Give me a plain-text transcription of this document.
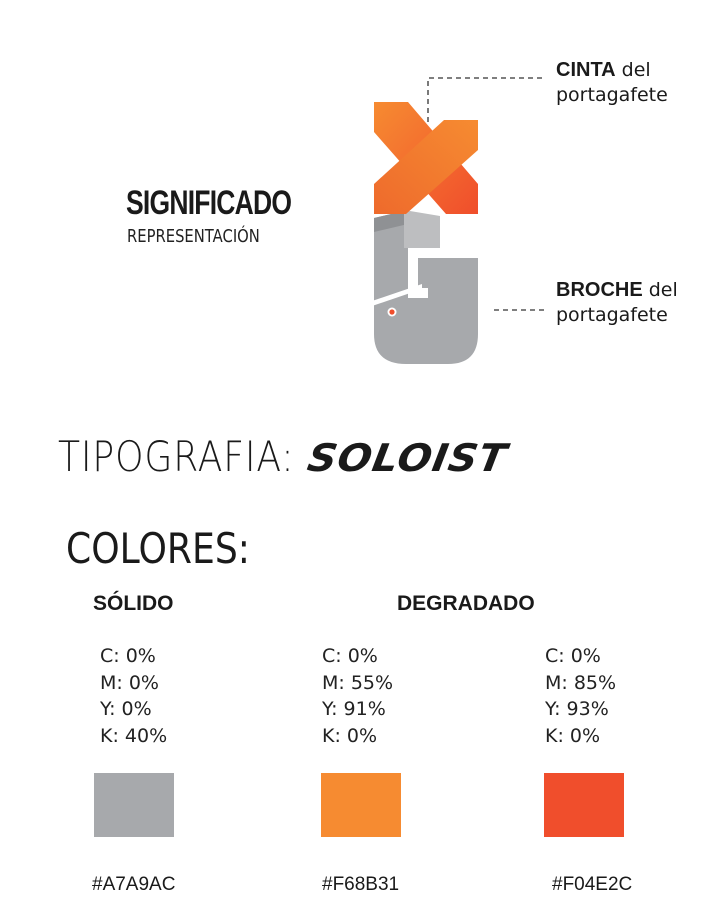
SIGNIFICADO
REPRESENTACIÓN
CINTA del
portagafete
BROCHE del
portagafete
TIPOGRAFIA: SOLOIST
COLORES:
SÓLIDO	DEGRADADO
C: 0%
M: 0%
Y: 0%
K: 40%
#A7A9AC
C: 0%
M: 55%
Y: 91%
K: 0%
#F68B31
C: 0%
M: 85%
Y: 93%
K: 0%
#F04E2C
